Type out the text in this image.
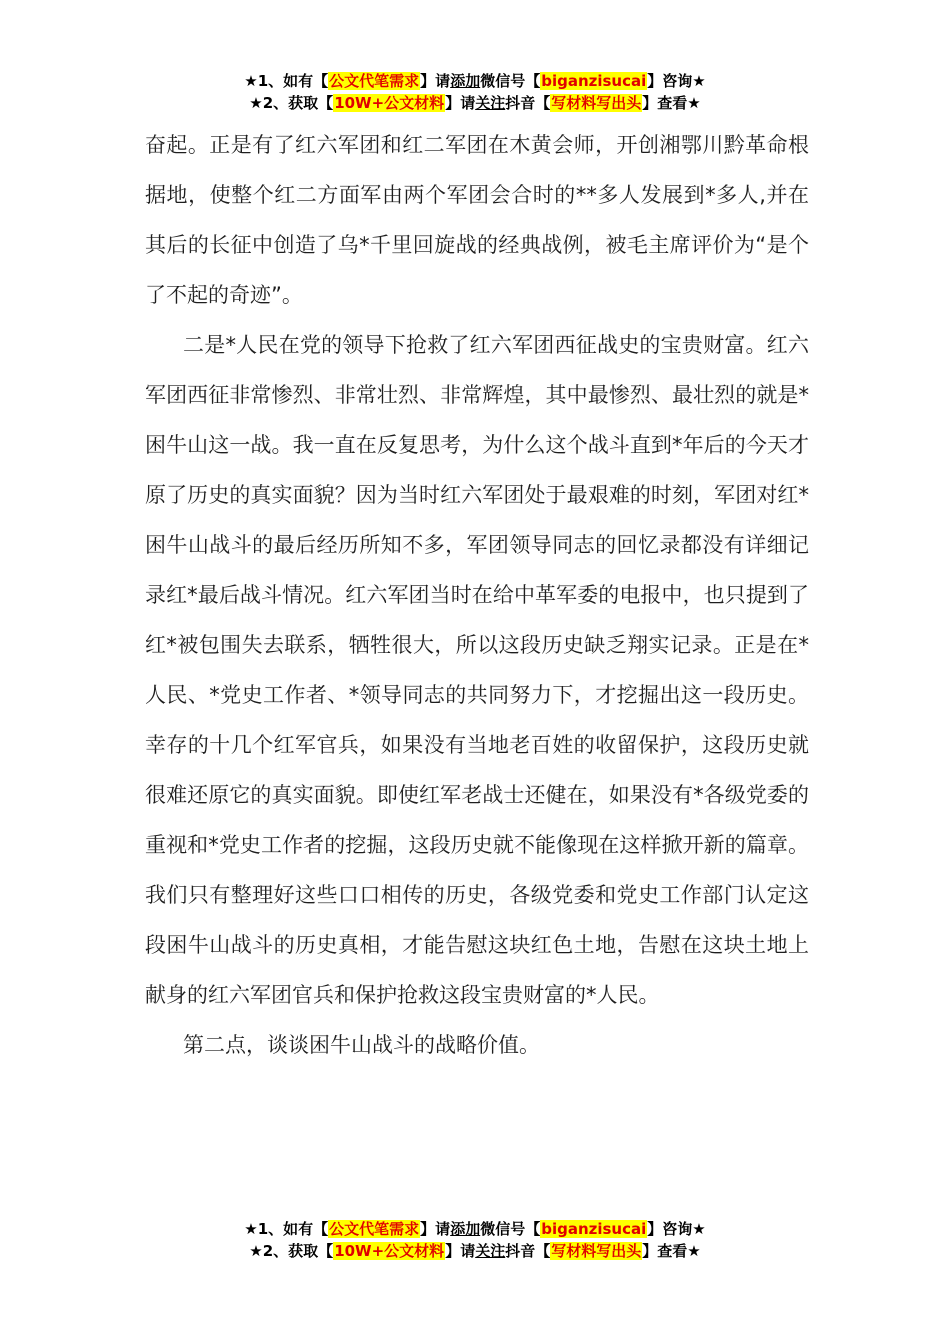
★1、如有【公文代笔需求】请添加微信号【biganzisucai】咨询★
★2、获取【10W+公文材料】请关注抖音【写材料写出头】查看★

奋起。正是有了红六军团和红二军团在木黄会师，开创湘鄂川黔革命根据地，使整个红二方面军由两个军团会合时的**多人发展到*多人,并在其后的长征中创造了乌*千里回旋战的经典战例，被毛主席评价为“是个了不起的奇迹”。

二是*人民在党的领导下抢救了红六军团西征战史的宝贵财富。红六军团西征非常惨烈、非常壮烈、非常辉煌，其中最惨烈、最壮烈的就是*困牛山这一战。我一直在反复思考，为什么这个战斗直到*年后的今天才原了历史的真实面貌？因为当时红六军团处于最艰难的时刻，军团对红*困牛山战斗的最后经历所知不多，军团领导同志的回忆录都没有详细记录红*最后战斗情况。红六军团当时在给中革军委的电报中，也只提到了红*被包围失去联系，牺牲很大，所以这段历史缺乏翔实记录。正是在*人民、*党史工作者、*领导同志的共同努力下，才挖掘出这一段历史。幸存的十几个红军官兵，如果没有当地老百姓的收留保护，这段历史就很难还原它的真实面貌。即使红军老战士还健在，如果没有*各级党委的重视和*党史工作者的挖掘，这段历史就不能像现在这样掀开新的篇章。我们只有整理好这些口口相传的历史，各级党委和党史工作部门认定这段困牛山战斗的历史真相，才能告慰这块红色土地，告慰在这块土地上献身的红六军团官兵和保护抢救这段宝贵财富的*人民。

第二点，谈谈困牛山战斗的战略价值。

★1、如有【公文代笔需求】请添加微信号【biganzisucai】咨询★
★2、获取【10W+公文材料】请关注抖音【写材料写出头】查看★
